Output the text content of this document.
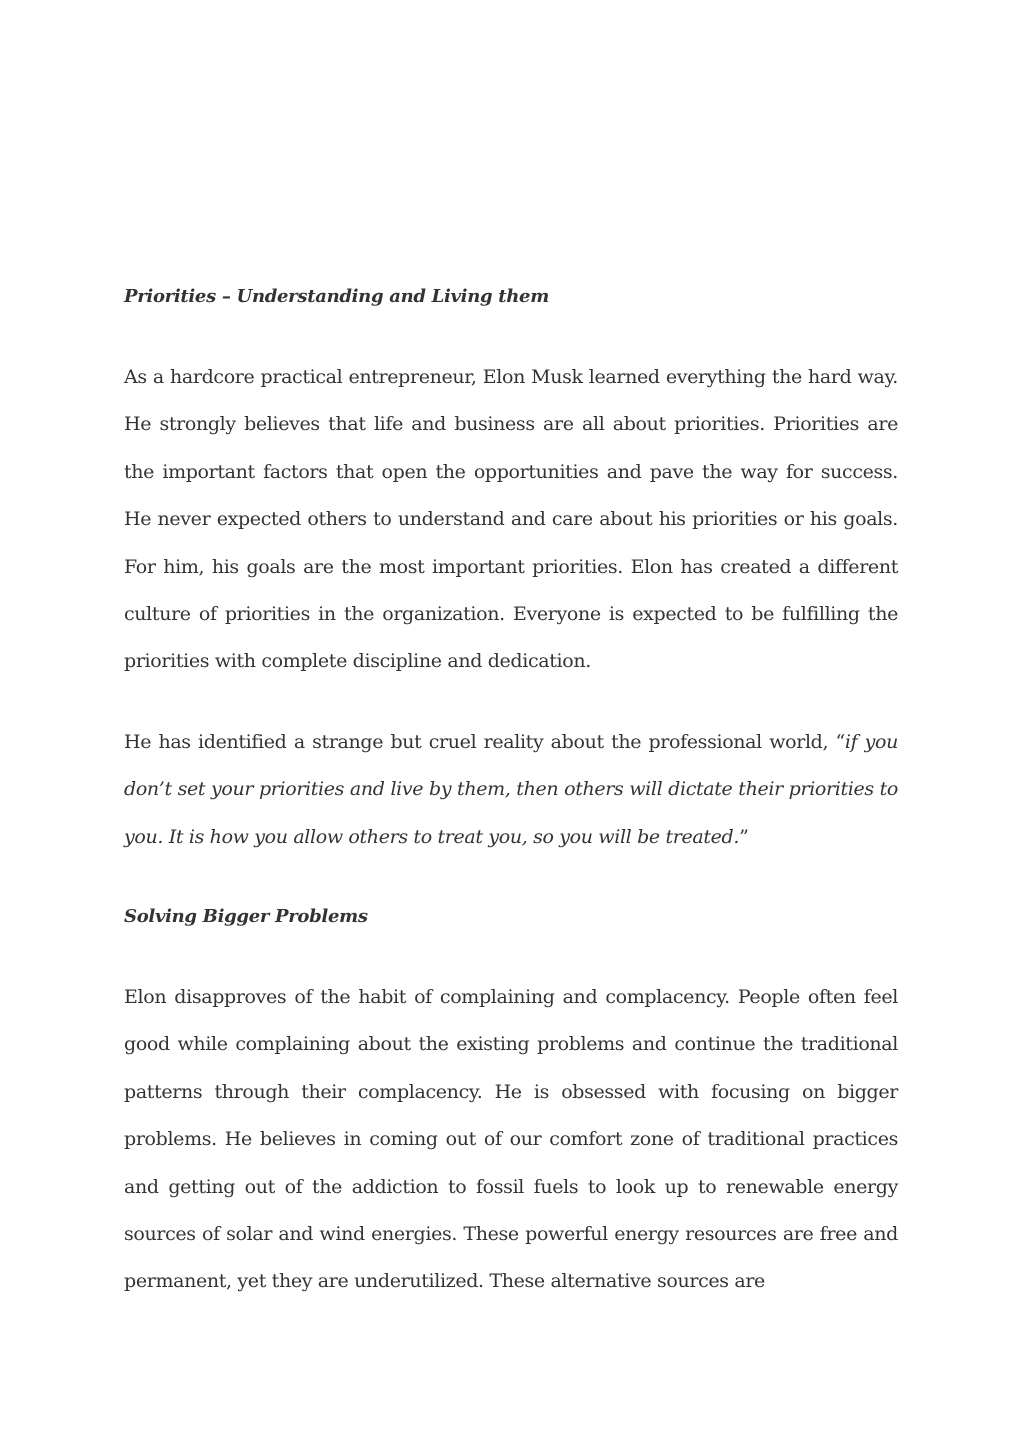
Priorities – Understanding and Living them

As a hardcore practical entrepreneur, Elon Musk learned everything the hard way. He strongly believes that life and business are all about priorities. Priorities are the important factors that open the opportunities and pave the way for success. He never expected others to understand and care about his priorities or his goals. For him, his goals are the most important priorities. Elon has created a different culture of priorities in the organization. Everyone is expected to be fulfilling the priorities with complete discipline and dedication.

He has identified a strange but cruel reality about the professional world, “if you don’t set your priorities and live by them, then others will dictate their priorities to you. It is how you allow others to treat you, so you will be treated.”

Solving Bigger Problems

Elon disapproves of the habit of complaining and complacency. People often feel good while complaining about the existing problems and continue the traditional patterns through their complacency. He is obsessed with focusing on bigger problems. He believes in coming out of our comfort zone of traditional practices and getting out of the addiction to fossil fuels to look up to renewable energy sources of solar and wind energies. These powerful energy resources are free and permanent, yet they are underutilized. These alternative sources are
